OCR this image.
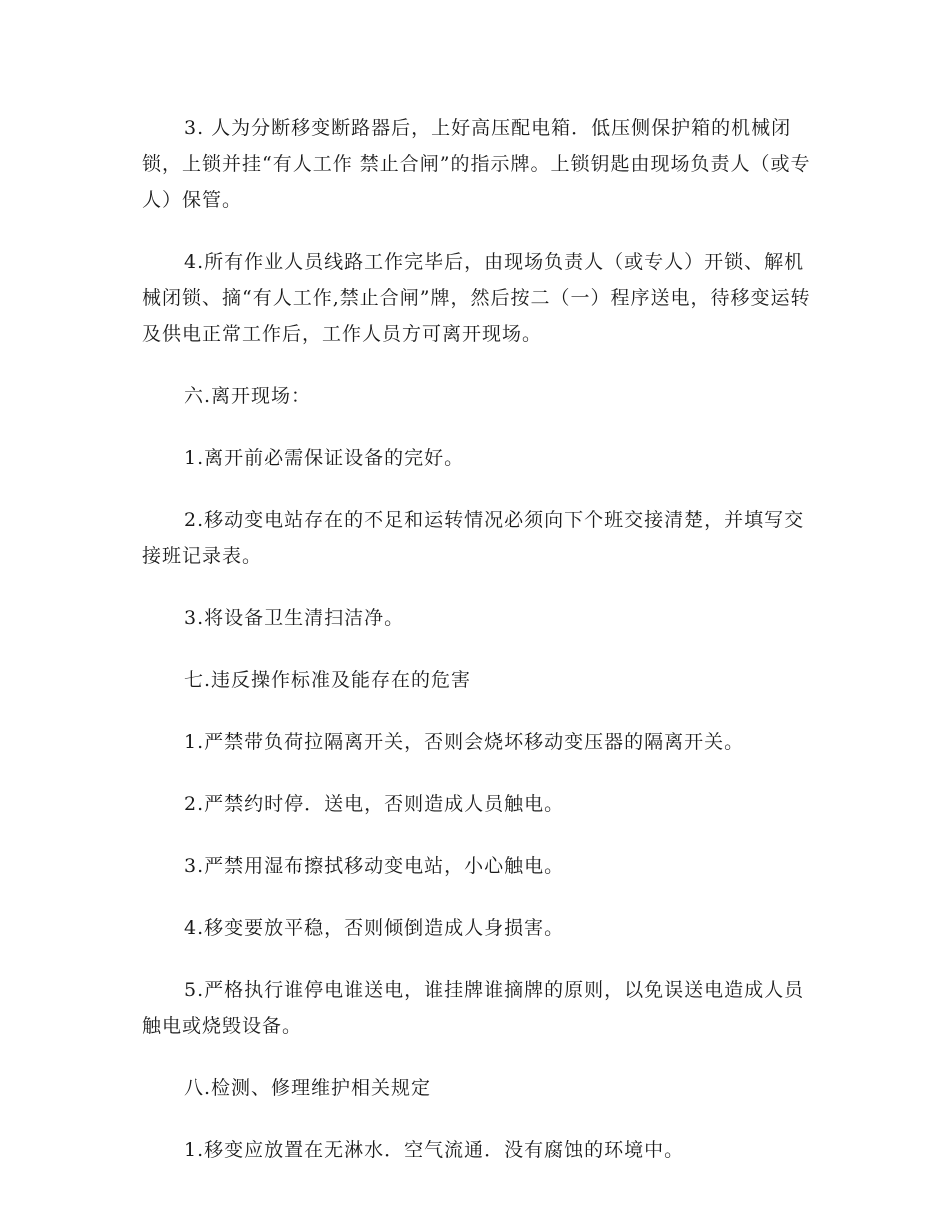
3. 人为分断移变断路器后，上好高压配电箱．低压侧保护箱的机械闭锁，上锁并挂“有人工作 禁止合闸”的指示牌。上锁钥匙由现场负责人（或专人）保管。

4.所有作业人员线路工作完毕后，由现场负责人（或专人）开锁、解机械闭锁、摘“有人工作,禁止合闸”牌，然后按二（一）程序送电，待移变运转及供电正常工作后，工作人员方可离开现场。

六.离开现场：

1.离开前必需保证设备的完好。

2.移动变电站存在的不足和运转情况必须向下个班交接清楚，并填写交接班记录表。

3.将设备卫生清扫洁净。

七.违反操作标准及能存在的危害

1.严禁带负荷拉隔离开关，否则会烧坏移动变压器的隔离开关。

2.严禁约时停．送电，否则造成人员触电。

3.严禁用湿布擦拭移动变电站，小心触电。

4.移变要放平稳，否则倾倒造成人身损害。

5.严格执行谁停电谁送电，谁挂牌谁摘牌的原则，以免误送电造成人员触电或烧毁设备。

八.检测、修理维护相关规定

1.移变应放置在无淋水．空气流通．没有腐蚀的环境中。
